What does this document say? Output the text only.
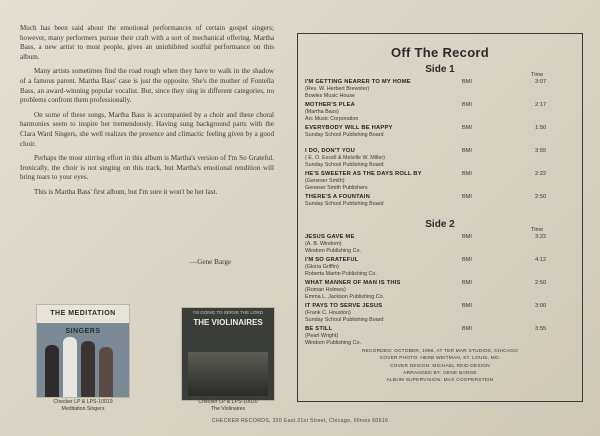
Much has been said about the emotional performances of certain gospel singers; however, many performers pursue their craft with a sort of mechanical offering. Martha Bass, a new artist to most people, gives an uninhibited soulful performance on this album.

Many artists sometimes find the road rough when they have to walk in the shadow of a famous parent. Martha Bass' case is just the opposite. She's the mother of Fontella Bass, an award-winning popular vocalist. But, since they sing in different categories, no problems confront them professionally.

On some of these songs, Martha Bass is accompanied by a choir and these choral harmonies seem to inspire her tremendously. Having sung background parts with the Clara Ward Singers, she well realizes the presence and climactic feeling given by a good choir.

Perhaps the most stirring effort in this album is Martha's version of I'm So Grateful. Ironically, the choir is not singing on this track, but Martha's emotional rendition will bring tears to your eyes.

This is Martha Bass' first album, but I'm sure it won't be her last.

—Gene Barge
THE MEDITATION SINGERS
Checker LP & LPS-10019
Meditation Singers
I'M GOING TO SERVE THE LORD
THE VIOLINAIRES
Checker LP & LPS-10020
The Violinaires
Off The Record
Side 1	Time
Side 2	Time
RECORDED: OCTOBER, 1966, AT TER MAR STUDIOS, CHICAGO
COVER PHOTO: HERB WEITMAN, ST. LOUIS, MO.
COVER DESIGN: MICHAEL REID DESIGN
ARRANGED BY: GENE BARGE
ALBUM SUPERVISION: MAX COOPERSTEIN
I'M GETTING NEARER TO MY HOME
(Rev. W. Herbert Brewster)
Bowles Music House
BMI	3:07
MOTHER'S PLEA
(Martha Bass)
Arc Music Corporation
BMI	2:17
EVERYBODY WILL BE HAPPY
Sunday School Publishing Board
BMI	1:50
I DO, DON'T YOU
( E. O. Excell & Melville W. Miller)
Sunday School Publishing Board
BMI	3:55
HE'S SWEETER AS THE DAYS ROLL BY
(Geneser Smith)
Geneser Smith Publishers
BMI	2:22
THERE'S A FOUNTAIN
Sunday School Publishing Board
BMI	2:50
JESUS GAVE ME
(A. B. Windom)
Windom Publishing Co.
BMI	3:22
I'M SO GRATEFUL
(Gloria Griffin)
Roberta Martin Publishing Co.
BMI	4:12
WHAT MANNER OF MAN IS THIS
(Roman Holmes)
Emma L. Jackson Publishing Co.
BMI	2:50
IT PAYS TO SERVE JESUS
(Frank C. Houston)
Sunday School Publishing Board
BMI	3:00
BE STILL
(Pearl Wright)
Windom Publishing Co.
BMI	3:55
CHECKER RECORDS, 320 East 21st Street, Chicago, Illinois 60616
